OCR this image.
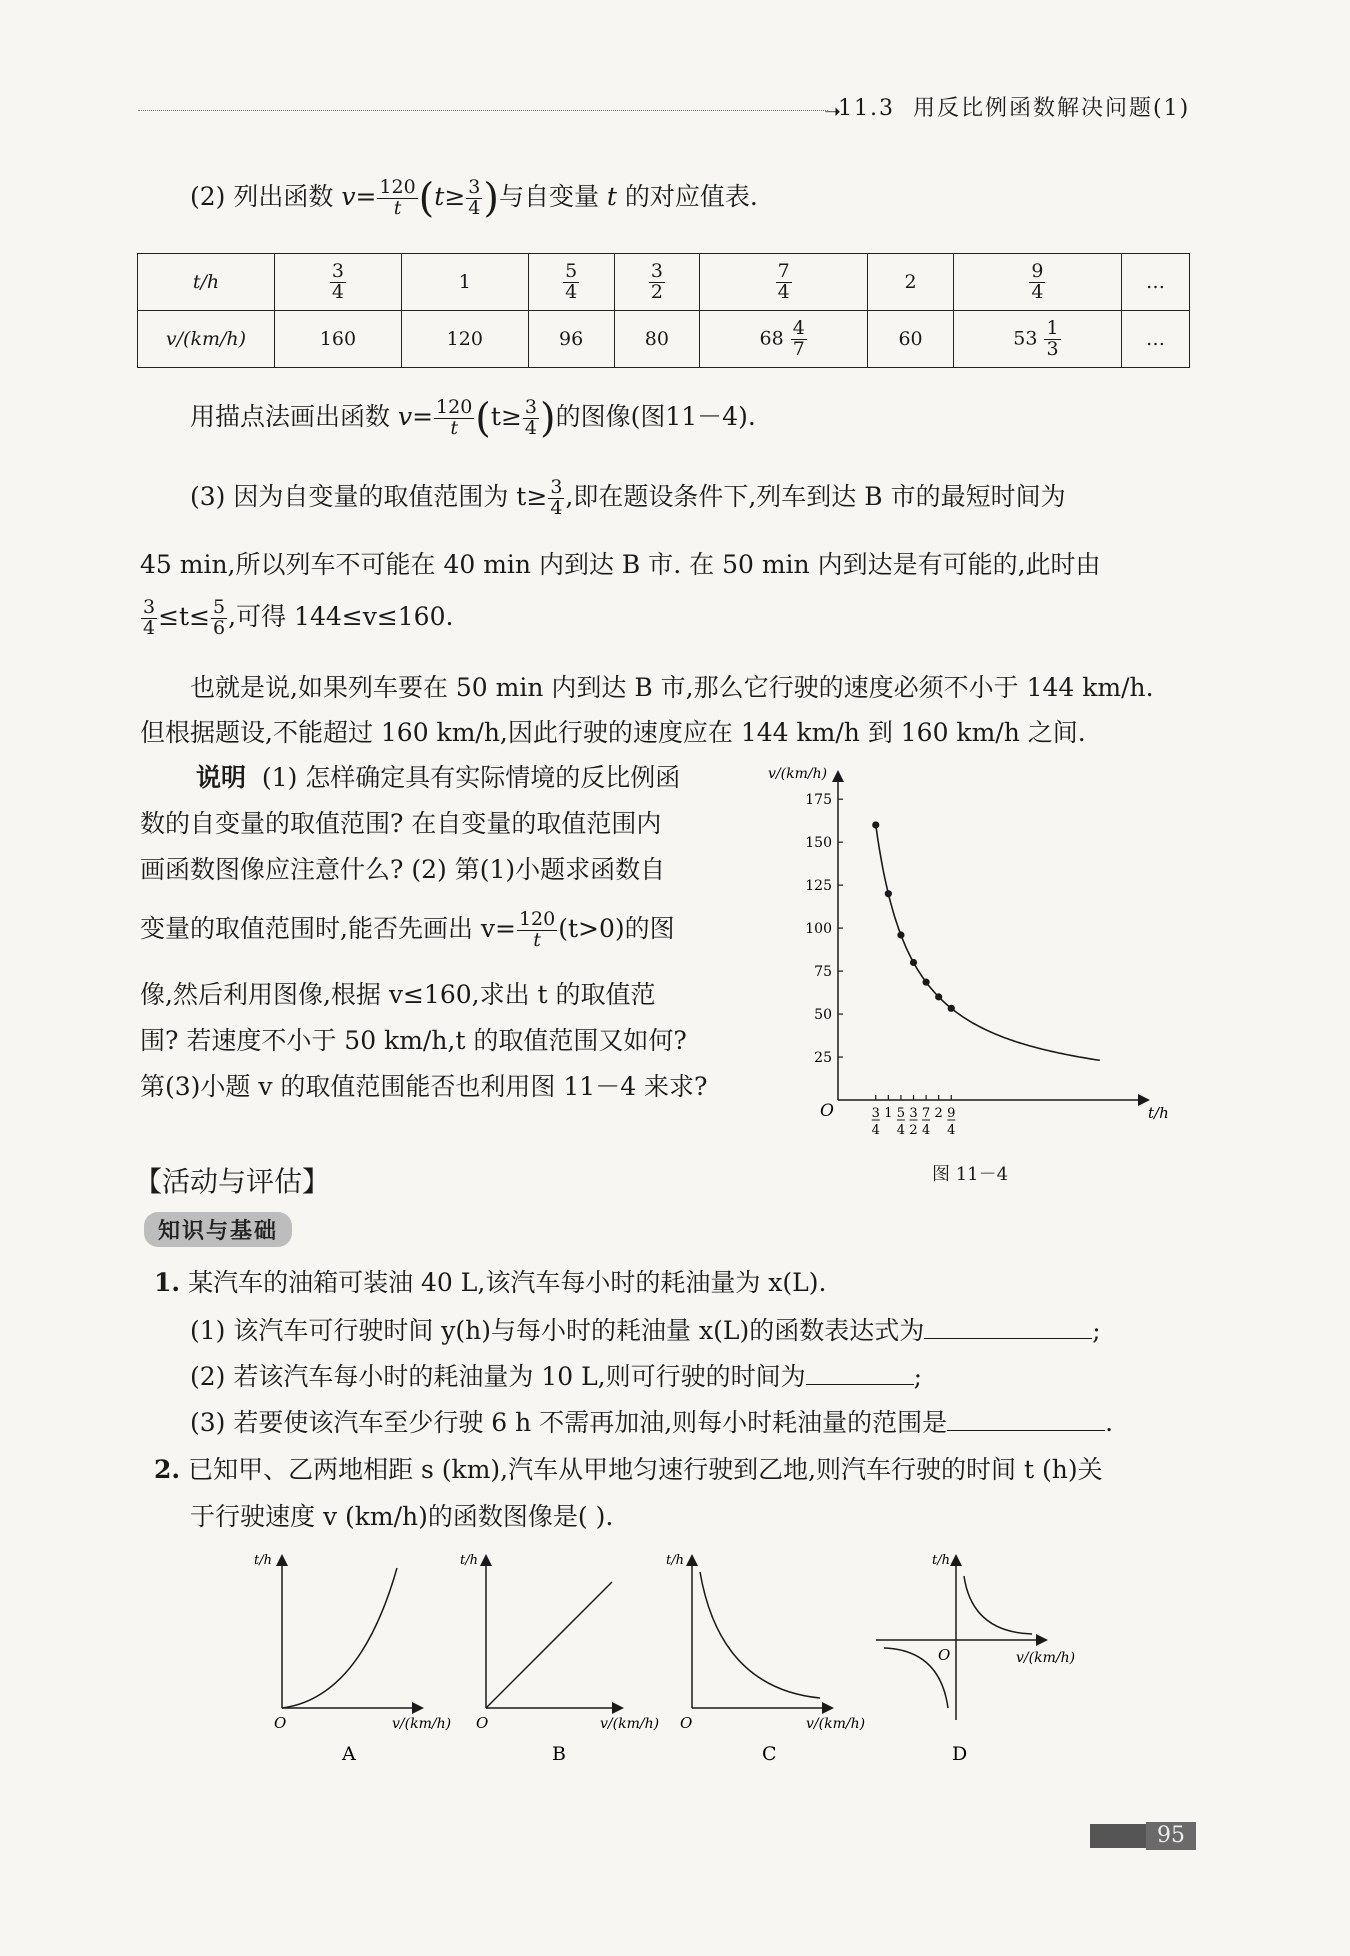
➝
11.3 用反比例函数解决问题(1)
(2) 列出函数 $v= \frac{120}{t} (t\ge \frac{3}{4}$ )与自变量 t 的对应值表.
t/h	$\frac{3}{4}$	1	$\frac{5}{4}$	$\frac{3}{2}$	$\frac{7}{4}$	2	$\frac{9}{4}$	…
v/(km/h)	160	120	96	80	$68 \frac{4}{7}$	60	$53 \frac{1}{3}$	…
用描点法画出函数 $v= \frac{120}{t} (t\ge \frac{3}{4}$ )的图像(图11－4).
(3) 因为自变量的取值范围为 $t\ge \frac{3}{4}$ ,即在题设条件下,列车到达 B 市的最短时间为
45 min,所以列车不可能在 40 min 内到达 B 市. 在 50 min 内到达是有可能的,此时由
$\frac{3}{4} \le t\le \frac{5}{6}$ ,可得 144≤v≤160.
也就是说,如果列车要在 50 min 内到达 B 市,那么它行驶的速度必须不小于 144 km/h.
但根据题设,不能超过 160 km/h,因此行驶的速度应在 144 km/h 到 160 km/h 之间.
说明 (1) 怎样确定具有实际情境的反比例函
数的自变量的取值范围? 在自变量的取值范围内
画函数图像应注意什么? (2) 第(1)小题求函数自
变量的取值范围时,能否先画出 $v= \frac{120}{t} (t>0)$的图
像,然后利用图像,根据 v≤160,求出 t 的取值范
围? 若速度不小于 50 km/h,t 的取值范围又如何?
第(3)小题 v 的取值范围能否也利用图 11－4 来求?
25
50
75
100
125
150
175
3
4
1 5
4
3
2
7
4
2 9
4
v/(km/h)
t/h
O
图 11－4
【活动与评估】
知识与基础
1. 某汽车的油箱可装油 40 L,该汽车每小时的耗油量为 x(L).
(1) 该汽车可行驶时间 y(h)与每小时的耗油量 x(L)的函数表达式为	;
(2) 若该汽车每小时的耗油量为 10 L,则可行驶的时间为	;
(3) 若要使该汽车至少行驶 6 h 不需再加油,则每小时耗油量的范围是	.
2. 已知甲、乙两地相距 s (km),汽车从甲地匀速行驶到乙地,则汽车行驶的时间 t (h)关
于行驶速度 v (km/h)的函数图像是( ).
t/h
O	v/(km/h)
A
t/h
O	v/(km/h)
B
t/h
O	v/(km/h)
C
t/h
O	v/(km/h)
D
95
